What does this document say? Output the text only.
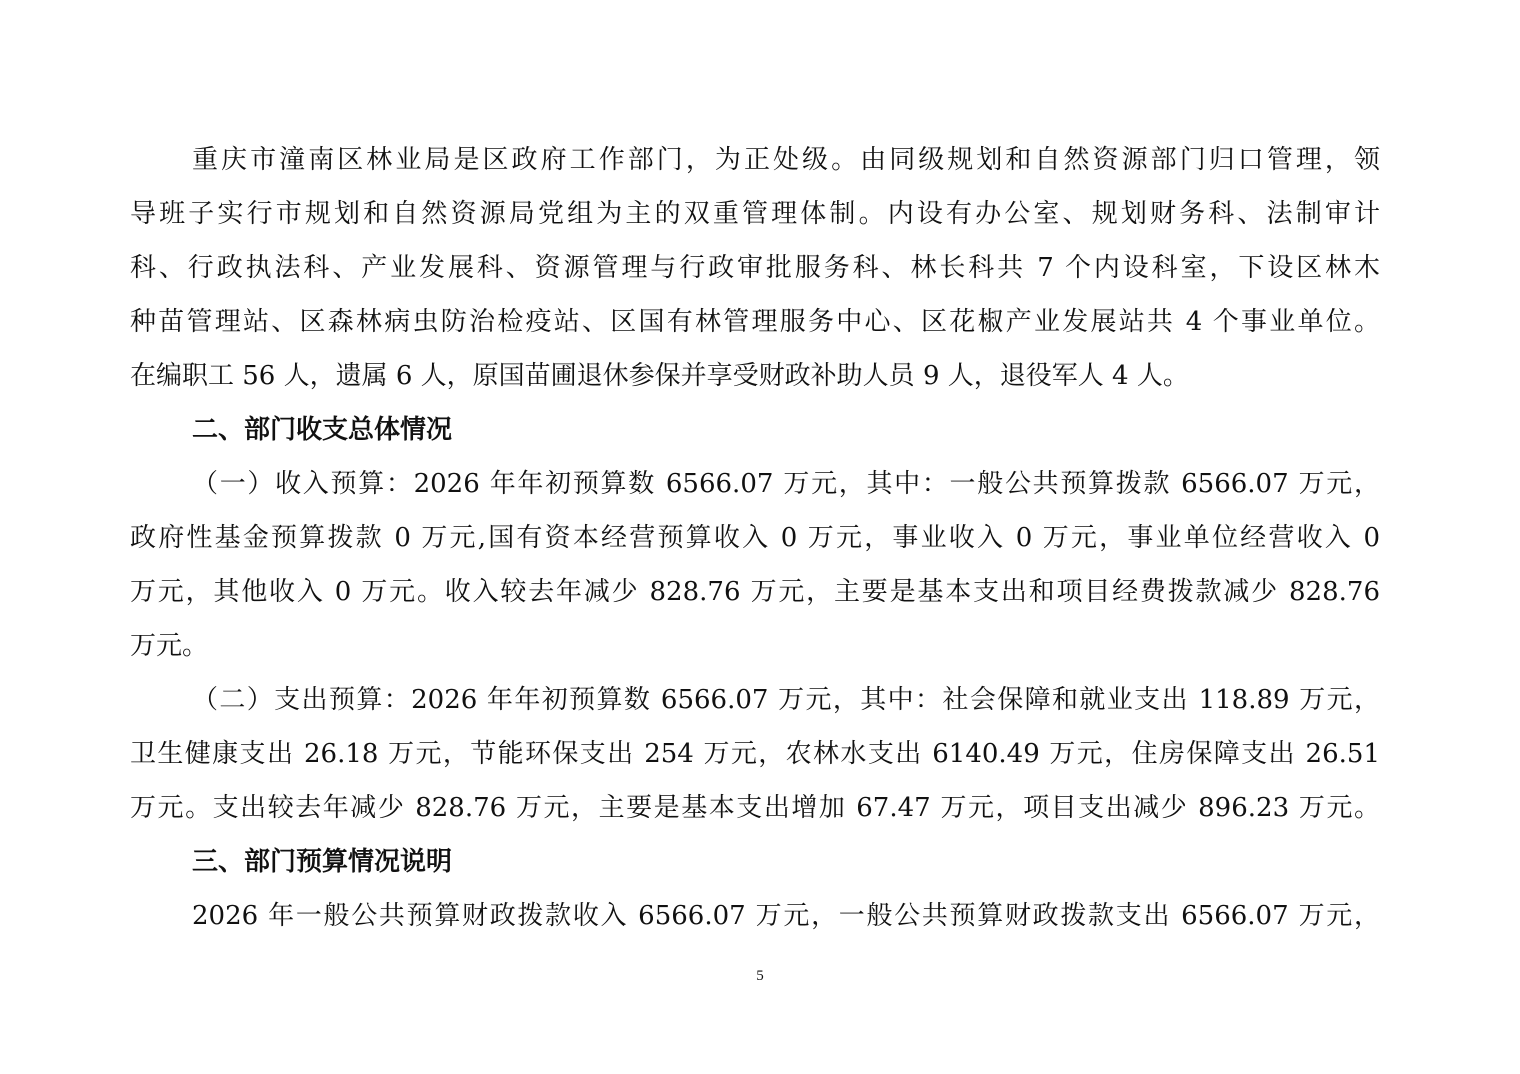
重庆市潼南区林业局是区政府工作部门，为正处级。由同级规划和自然资源部门归口管理，领
导班子实行市规划和自然资源局党组为主的双重管理体制。内设有办公室、规划财务科、法制审计
科、行政执法科、产业发展科、资源管理与行政审批服务科、林长科共 7 个内设科室，下设区林木
种苗管理站、区森林病虫防治检疫站、区国有林管理服务中心、区花椒产业发展站共 4 个事业单位。
在编职工 56 人，遗属 6 人，原国苗圃退休参保并享受财政补助人员 9 人，退役军人 4 人。
二、部门收支总体情况
（一）收入预算：2026 年年初预算数 6566.07 万元，其中：一般公共预算拨款 6566.07 万元，
政府性基金预算拨款 0 万元,国有资本经营预算收入 0 万元，事业收入 0 万元，事业单位经营收入 0
万元，其他收入 0 万元。收入较去年减少 828.76 万元，主要是基本支出和项目经费拨款减少 828.76
万元。
（二）支出预算：2026 年年初预算数 6566.07 万元，其中：社会保障和就业支出 118.89 万元，
卫生健康支出 26.18 万元，节能环保支出 254 万元，农林水支出 6140.49 万元，住房保障支出 26.51
万元。支出较去年减少 828.76 万元，主要是基本支出增加 67.47 万元，项目支出减少 896.23 万元。
三、部门预算情况说明
2026 年一般公共预算财政拨款收入 6566.07 万元，一般公共预算财政拨款支出 6566.07 万元，
5
